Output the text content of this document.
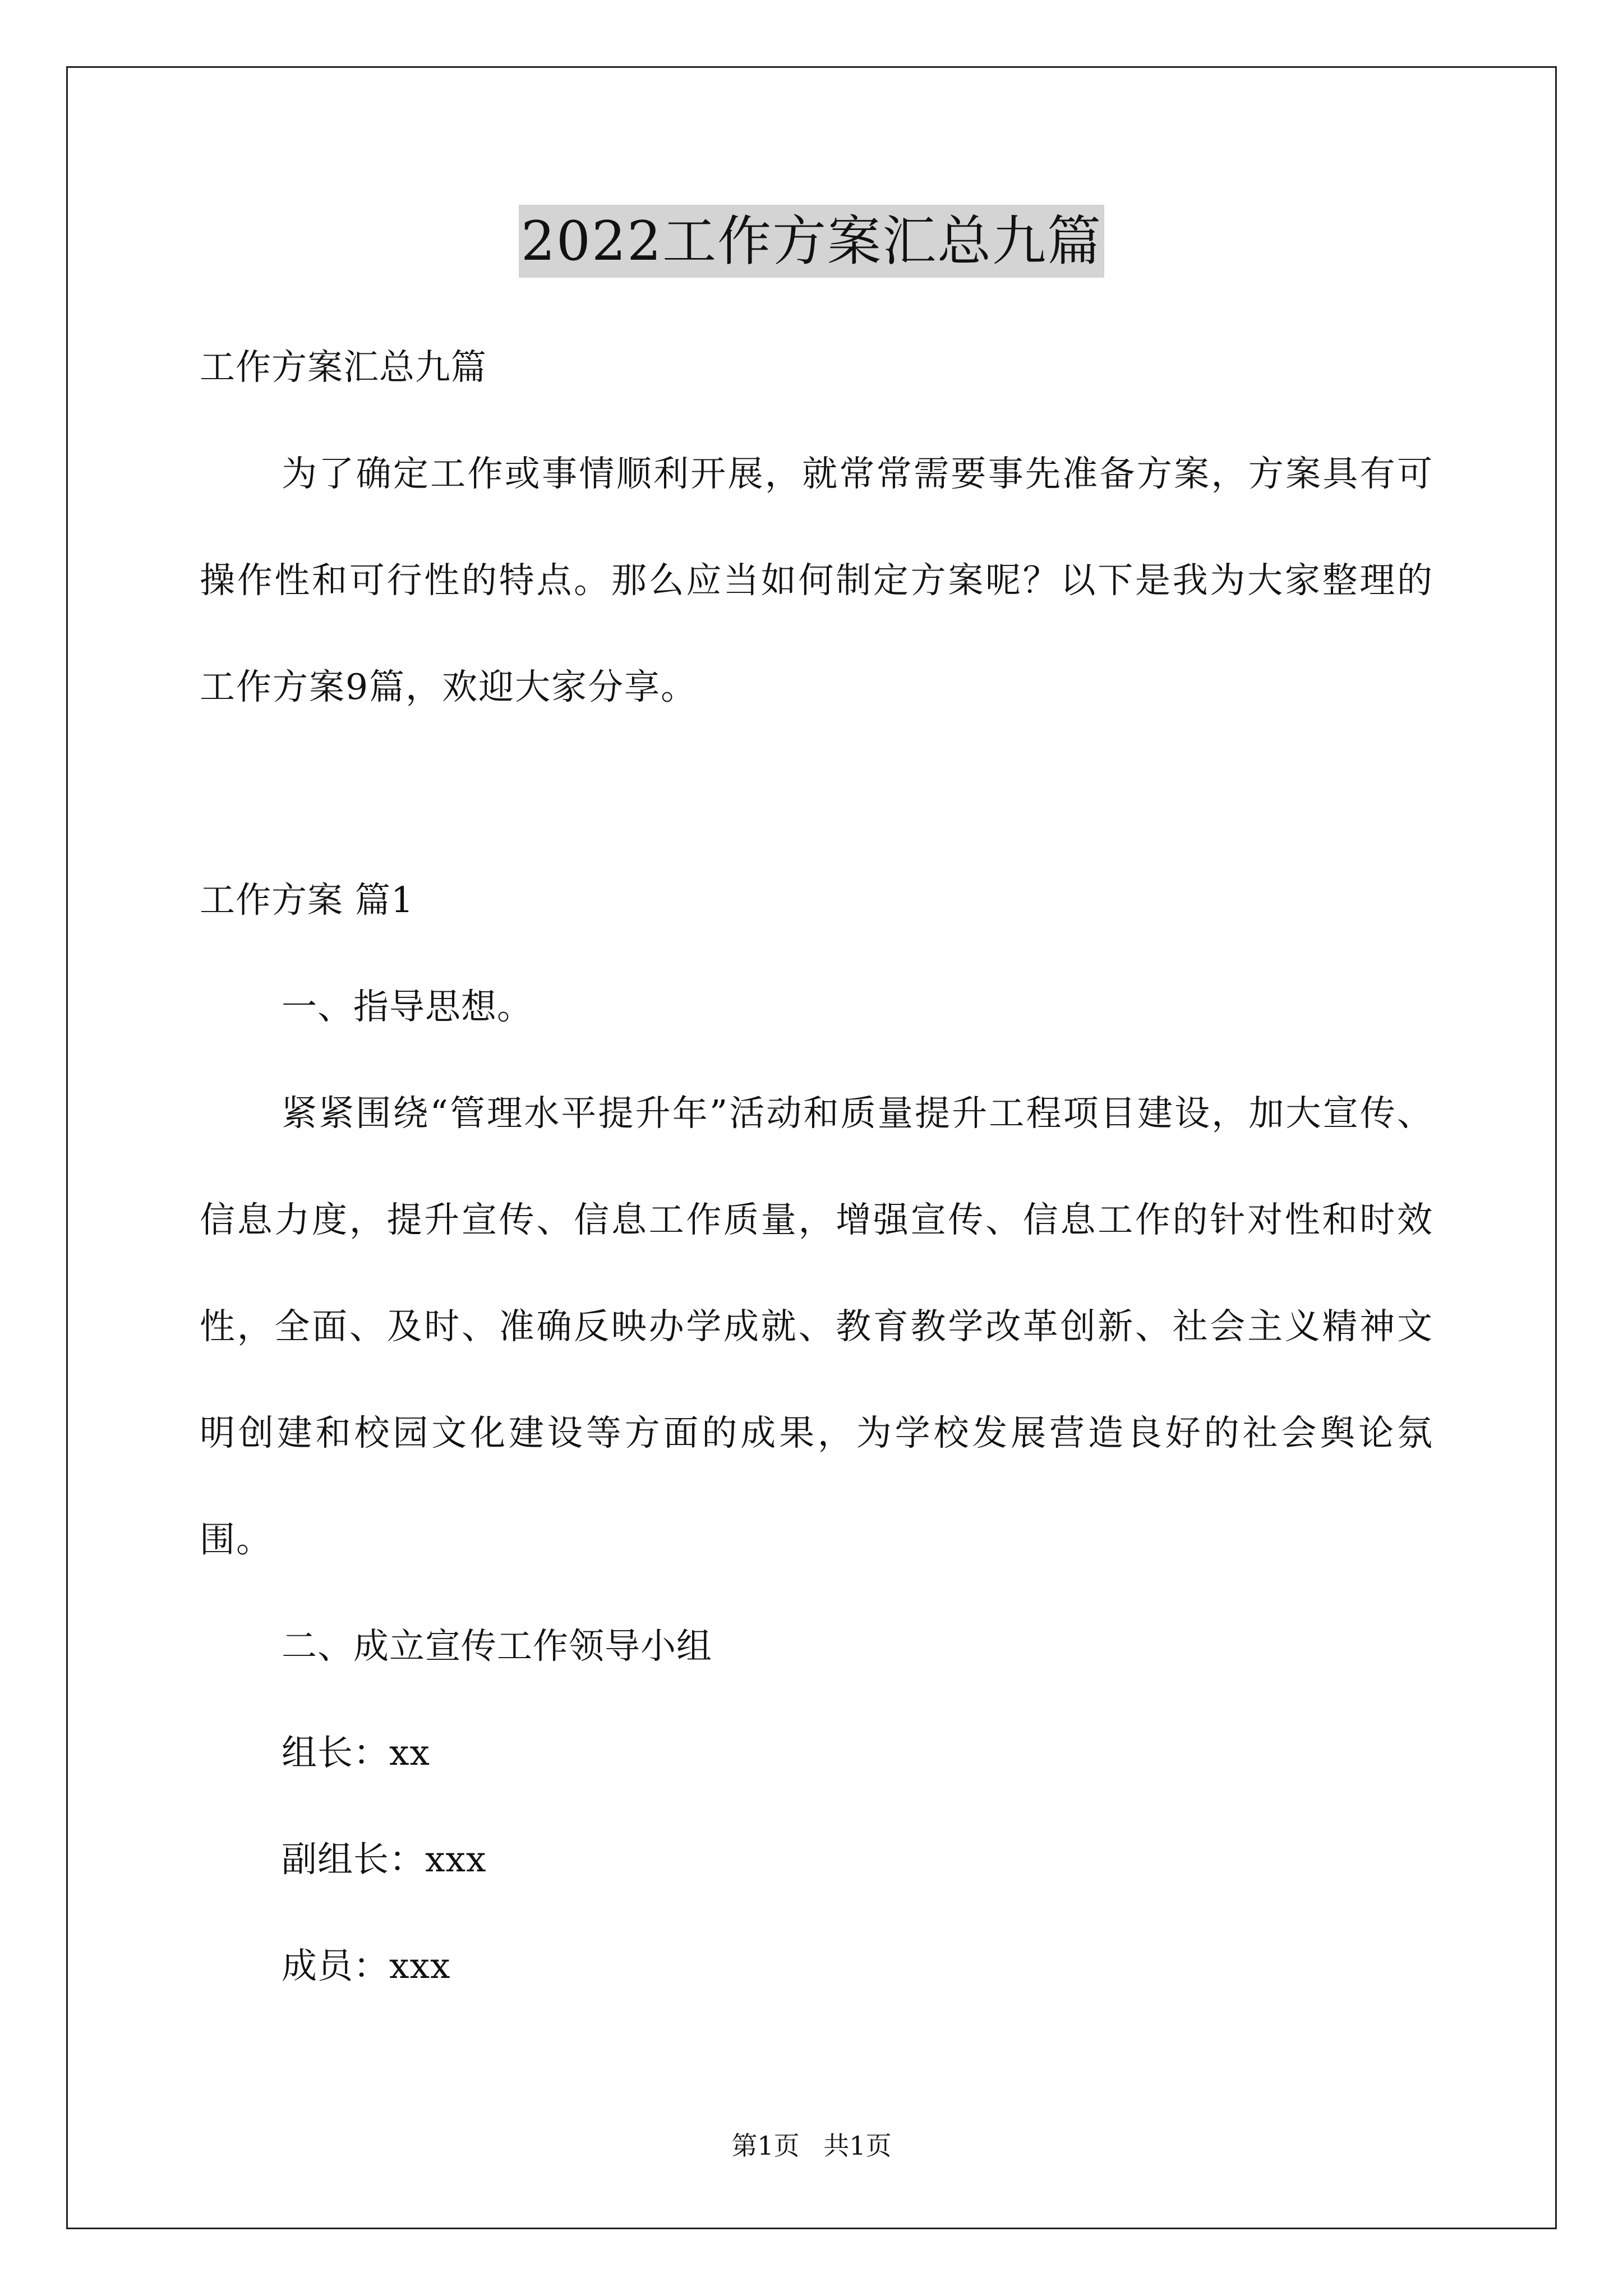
2022工作方案汇总九篇

工作方案汇总九篇

为了确定工作或事情顺利开展，就常常需要事先准备方案，方案具有可操作性和可行性的特点。那么应当如何制定方案呢？以下是我为大家整理的工作方案9篇，欢迎大家分享。

工作方案 篇1

一、指导思想。

紧紧围绕“管理水平提升年”活动和质量提升工程项目建设，加大宣传、信息力度，提升宣传、信息工作质量，增强宣传、信息工作的针对性和时效性，全面、及时、准确反映办学成就、教育教学改革创新、社会主义精神文明创建和校园文化建设等方面的成果，为学校发展营造良好的社会舆论氛围。

二、成立宣传工作领导小组

组长：xx

副组长：xxx

成员：xxx

第1页 共1页
